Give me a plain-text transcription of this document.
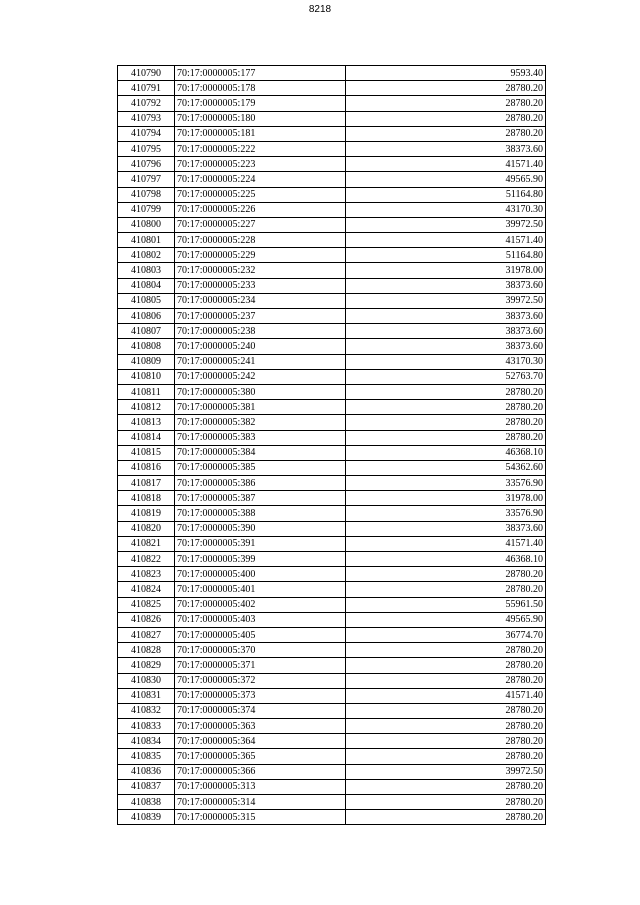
8218
410790	70:17:0000005:177	9593.40
410791	70:17:0000005:178	28780.20
410792	70:17:0000005:179	28780.20
410793	70:17:0000005:180	28780.20
410794	70:17:0000005:181	28780.20
410795	70:17:0000005:222	38373.60
410796	70:17:0000005:223	41571.40
410797	70:17:0000005:224	49565.90
410798	70:17:0000005:225	51164.80
410799	70:17:0000005:226	43170.30
410800	70:17:0000005:227	39972.50
410801	70:17:0000005:228	41571.40
410802	70:17:0000005:229	51164.80
410803	70:17:0000005:232	31978.00
410804	70:17:0000005:233	38373.60
410805	70:17:0000005:234	39972.50
410806	70:17:0000005:237	38373.60
410807	70:17:0000005:238	38373.60
410808	70:17:0000005:240	38373.60
410809	70:17:0000005:241	43170.30
410810	70:17:0000005:242	52763.70
410811	70:17:0000005:380	28780.20
410812	70:17:0000005:381	28780.20
410813	70:17:0000005:382	28780.20
410814	70:17:0000005:383	28780.20
410815	70:17:0000005:384	46368.10
410816	70:17:0000005:385	54362.60
410817	70:17:0000005:386	33576.90
410818	70:17:0000005:387	31978.00
410819	70:17:0000005:388	33576.90
410820	70:17:0000005:390	38373.60
410821	70:17:0000005:391	41571.40
410822	70:17:0000005:399	46368.10
410823	70:17:0000005:400	28780.20
410824	70:17:0000005:401	28780.20
410825	70:17:0000005:402	55961.50
410826	70:17:0000005:403	49565.90
410827	70:17:0000005:405	36774.70
410828	70:17:0000005:370	28780.20
410829	70:17:0000005:371	28780.20
410830	70:17:0000005:372	28780.20
410831	70:17:0000005:373	41571.40
410832	70:17:0000005:374	28780.20
410833	70:17:0000005:363	28780.20
410834	70:17:0000005:364	28780.20
410835	70:17:0000005:365	28780.20
410836	70:17:0000005:366	39972.50
410837	70:17:0000005:313	28780.20
410838	70:17:0000005:314	28780.20
410839	70:17:0000005:315	28780.20
